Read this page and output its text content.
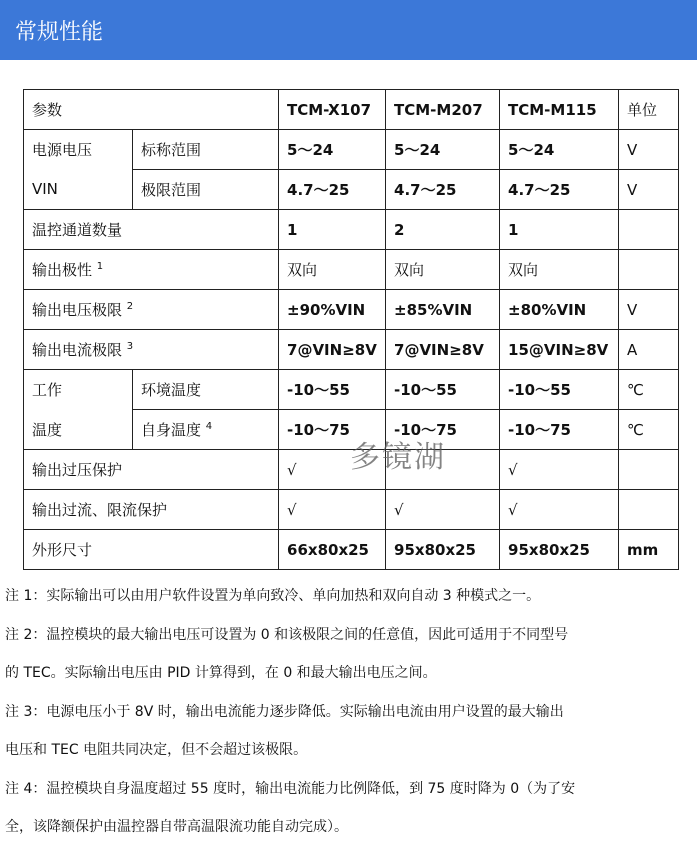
常规性能
参数		TCM-X107	TCM-M207	TCM-M115	单位
电源电压	标称范围	5～24	5～24	5～24	V
VIN	极限范围	4.7～25	4.7～25	4.7～25	V
温控通道数量		1	2	1	
输出极性 $^1$		双向	双向	双向	
输出电压极限 $^2$		±90%VIN	±85%VIN	±80%VIN	V
输出电流极限 $^3$		7@VIN≥8V	7@VIN≥8V	15@VIN≥8V	A
工作	环境温度	-10～55	-10～55	-10～55	℃
温度	自身温度 $^4$	-10～75	-10～75	-10～75	℃
输出过压保护		√		√	
输出过流、限流保护		√	√	√	
外形尺寸		66x80x25	95x80x25	95x80x25	mm
多镜湖

注 1：实际输出可以由用户软件设置为单向致冷、单向加热和双向自动 3 种模式之一。

注 2：温控模块的最大输出电压可设置为 0 和该极限之间的任意值，因此可适用于不同型号

的 TEC。实际输出电压由 PID 计算得到，在 0 和最大输出电压之间。

注 3：电源电压小于 8V 时，输出电流能力逐步降低。实际输出电流由用户设置的最大输出

电压和 TEC 电阻共同决定，但不会超过该极限。

注 4：温控模块自身温度超过 55 度时，输出电流能力比例降低，到 75 度时降为 0（为了安

全，该降额保护由温控器自带高温限流功能自动完成）。
